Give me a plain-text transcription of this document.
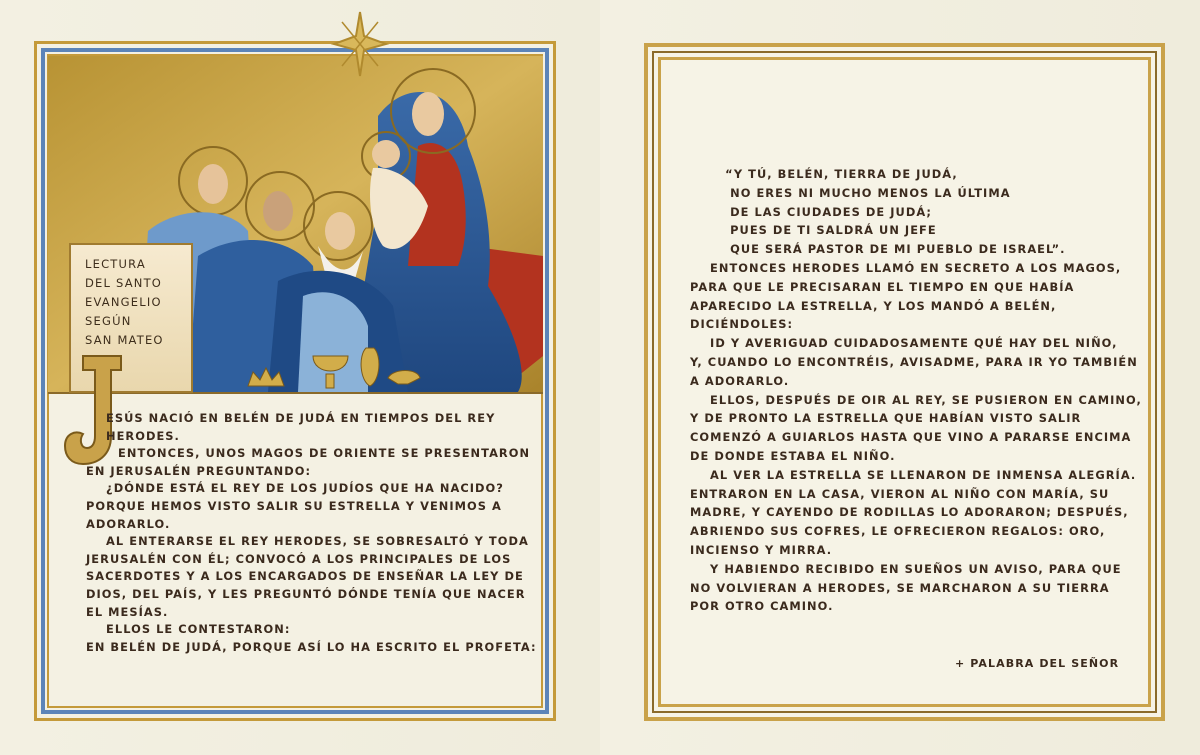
LECTURA
DEL SANTO
EVANGELIO
SEGÚN
SAN MATEO
ESÚS NACIÓ EN BELÉN DE JUDÁ EN TIEMPOS DEL REY
HERODES.
ENTONCES, UNOS MAGOS DE ORIENTE SE PRESENTARON
EN JERUSALÉN PREGUNTANDO:
¿DÓNDE ESTÁ EL REY DE LOS JUDÍOS QUE HA NACIDO?
PORQUE HEMOS VISTO SALIR SU ESTRELLA Y VENIMOS A
ADORARLO.
AL ENTERARSE EL REY HERODES, SE SOBRESALTÓ Y TODA
JERUSALÉN CON ÉL; CONVOCÓ A LOS PRINCIPALES DE LOS
SACERDOTES Y A LOS ENCARGADOS DE ENSEÑAR LA LEY DE
DIOS, DEL PAÍS, Y LES PREGUNTÓ DÓNDE TENÍA QUE NACER
EL MESÍAS.
ELLOS LE CONTESTARON:
EN BELÉN DE JUDÁ, PORQUE ASÍ LO HA ESCRITO EL PROFETA:
“Y TÚ, BELÉN, TIERRA DE JUDÁ,
NO ERES NI MUCHO MENOS LA ÚLTIMA
DE LAS CIUDADES DE JUDÁ;
PUES DE TI SALDRÁ UN JEFE
QUE SERÁ PASTOR DE MI PUEBLO DE ISRAEL”.
ENTONCES HERODES LLAMÓ EN SECRETO A LOS MAGOS,
PARA QUE LE PRECISARAN EL TIEMPO EN QUE HABÍA
APARECIDO LA ESTRELLA, Y LOS MANDÓ A BELÉN,
DICIÉNDOLES:
ID Y AVERIGUAD CUIDADOSAMENTE QUÉ HAY DEL NIÑO,
Y, CUANDO LO ENCONTRÉIS, AVISADME, PARA IR YO TAMBIÉN
A ADORARLO.
ELLOS, DESPUÉS DE OIR AL REY, SE PUSIERON EN CAMINO,
Y DE PRONTO LA ESTRELLA QUE HABÍAN VISTO SALIR
COMENZÓ A GUIARLOS HASTA QUE VINO A PARARSE ENCIMA
DE DONDE ESTABA EL NIÑO.
AL VER LA ESTRELLA SE LLENARON DE INMENSA ALEGRÍA.
ENTRARON EN LA CASA, VIERON AL NIÑO CON MARÍA, SU
MADRE, Y CAYENDO DE RODILLAS LO ADORARON; DESPUÉS,
ABRIENDO SUS COFRES, LE OFRECIERON REGALOS: ORO,
INCIENSO Y MIRRA.
Y HABIENDO RECIBIDO EN SUEÑOS UN AVISO, PARA QUE
NO VOLVIERAN A HERODES, SE MARCHARON A SU TIERRA
POR OTRO CAMINO.
+ PALABRA DEL SEÑOR
